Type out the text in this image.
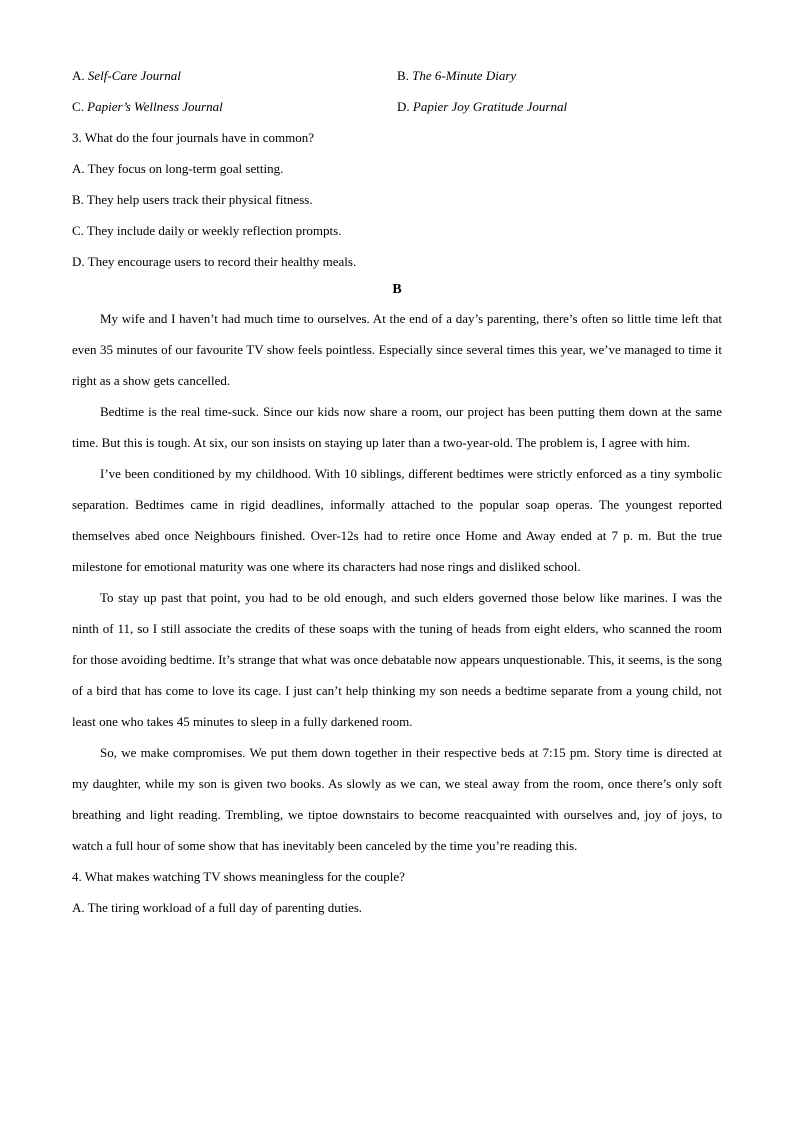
A. Self-Care Journal	B. The 6-Minute Diary
C. Papier’s Wellness Journal	D. Papier Joy Gratitude Journal
3. What do the four journals have in common?
A. They focus on long-term goal setting.
B. They help users track their physical fitness.
C. They include daily or weekly reflection prompts.
D. They encourage users to record their healthy meals.
B

My wife and I haven’t had much time to ourselves. At the end of a day’s parenting, there’s often so little time left that even 35 minutes of our favourite TV show feels pointless. Especially since several times this year, we’ve managed to time it right as a show gets cancelled.

Bedtime is the real time-suck. Since our kids now share a room, our project has been putting them down at the same time. But this is tough. At six, our son insists on staying up later than a two-year-old. The problem is, I agree with him.

I’ve been conditioned by my childhood. With 10 siblings, different bedtimes were strictly enforced as a tiny symbolic separation. Bedtimes came in rigid deadlines, informally attached to the popular soap operas. The youngest reported themselves abed once Neighbours finished. Over-12s had to retire once Home and Away ended at 7 p. m. But the true milestone for emotional maturity was one where its characters had nose rings and disliked school.

To stay up past that point, you had to be old enough, and such elders governed those below like marines. I was the ninth of 11, so I still associate the credits of these soaps with the tuning of heads from eight elders, who scanned the room for those avoiding bedtime. It’s strange that what was once debatable now appears unquestionable. This, it seems, is the song of a bird that has come to love its cage. I just can’t help thinking my son needs a bedtime separate from a young child, not least one who takes 45 minutes to sleep in a fully darkened room.

So, we make compromises. We put them down together in their respective beds at 7:15 pm. Story time is directed at my daughter, while my son is given two books. As slowly as we can, we steal away from the room, once there’s only soft breathing and light reading. Trembling, we tiptoe downstairs to become reacquainted with ourselves and, joy of joys, to watch a full hour of some show that has inevitably been canceled by the time you’re reading this.

4. What makes watching TV shows meaningless for the couple?
A. The tiring workload of a full day of parenting duties.
